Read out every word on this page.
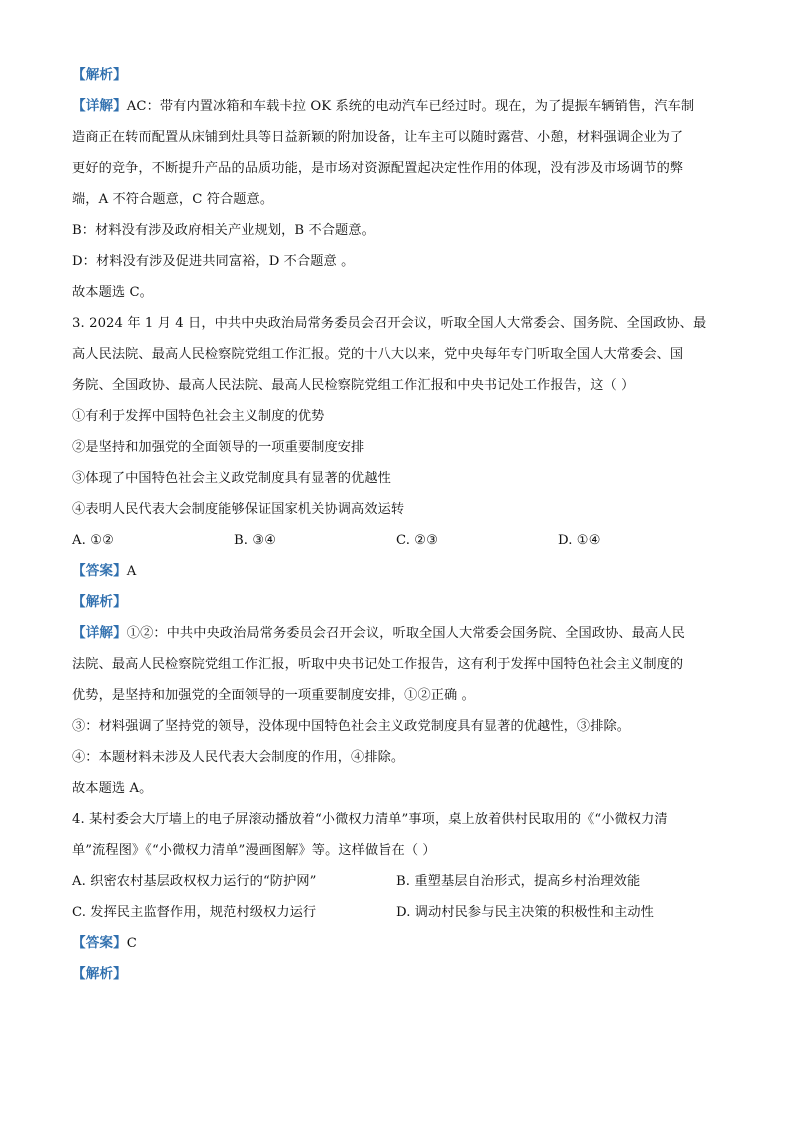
【解析】

【详解】AC：带有内置冰箱和车载卡拉 OK 系统的电动汽车已经过时。现在，为了提振车辆销售，汽车制

造商正在转而配置从床铺到灶具等日益新颖的附加设备，让车主可以随时露营、小憩，材料强调企业为了

更好的竞争，不断提升产品的品质功能，是市场对资源配置起决定性作用的体现，没有涉及市场调节的弊

端，A 不符合题意，C 符合题意。

B：材料没有涉及政府相关产业规划，B 不合题意。

D：材料没有涉及促进共同富裕，D 不合题意 。

故本题选 C。

3. 2024 年 1 月 4 日，中共中央政治局常务委员会召开会议，听取全国人大常委会、国务院、全国政协、最

高人民法院、最高人民检察院党组工作汇报。党的十八大以来，党中央每年专门听取全国人大常委会、国

务院、全国政协、最高人民法院、最高人民检察院党组工作汇报和中央书记处工作报告，这（ ）

①有利于发挥中国特色社会主义制度的优势

②是坚持和加强党的全面领导的一项重要制度安排

③体现了中国特色社会主义政党制度具有显著的优越性

④表明人民代表大会制度能够保证国家机关协调高效运转

A. ①②	B. ③④	C. ②③	D. ①④

【答案】A

【解析】

【详解】①②：中共中央政治局常务委员会召开会议，听取全国人大常委会国务院、全国政协、最高人民

法院、最高人民检察院党组工作汇报，听取中央书记处工作报告，这有利于发挥中国特色社会主义制度的

优势，是坚持和加强党的全面领导的一项重要制度安排，①②正确 。

③：材料强调了坚持党的领导，没体现中国特色社会主义政党制度具有显著的优越性，③排除。

④：本题材料未涉及人民代表大会制度的作用，④排除。

故本题选 A。

4. 某村委会大厅墙上的电子屏滚动播放着“小微权力清单”事项，桌上放着供村民取用的《“小微权力清

单”流程图》《“小微权力清单”漫画图解》等。这样做旨在（ ）

A. 织密农村基层政权权力运行的“防护网”	B. 重塑基层自治形式，提高乡村治理效能

C. 发挥民主监督作用，规范村级权力运行	D. 调动村民参与民主决策的积极性和主动性

【答案】C

【解析】
